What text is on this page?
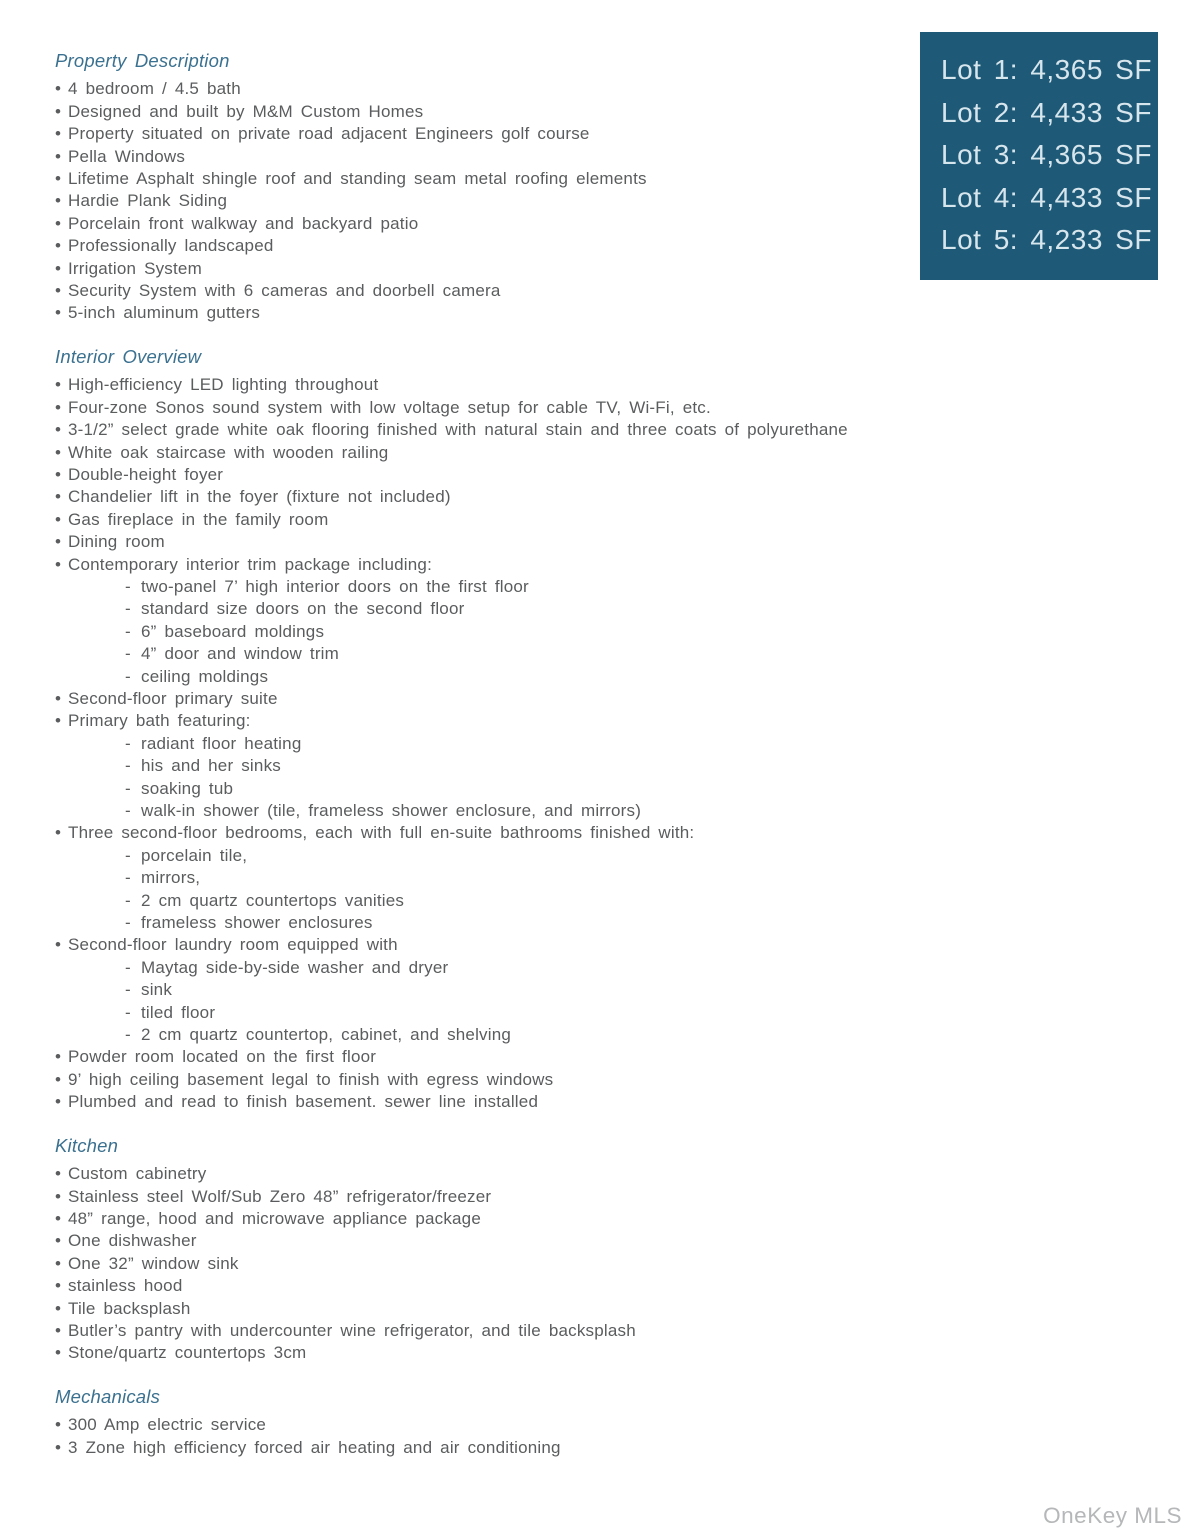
Property Description
• 4 bedroom / 4.5 bath
• Designed and built by M&M Custom Homes
• Property situated on private road adjacent Engineers golf course
• Pella Windows
• Lifetime Asphalt shingle roof and standing seam metal roofing elements
• Hardie Plank Siding
• Porcelain front walkway and backyard patio
• Professionally landscaped
• Irrigation System
• Security System with 6 cameras and doorbell camera
• 5-inch aluminum gutters
Interior Overview
• High-efficiency LED lighting throughout
• Four-zone Sonos sound system with low voltage setup for cable TV, Wi-Fi, etc.
• 3-1/2” select grade white oak flooring finished with natural stain and three coats of polyurethane
• White oak staircase with wooden railing
• Double-height foyer
• Chandelier lift in the foyer (fixture not included)
• Gas fireplace in the family room
• Dining room
• Contemporary interior trim package including:
- two-panel 7’ high interior doors on the first floor
- standard size doors on the second floor
- 6” baseboard moldings
- 4” door and window trim
- ceiling moldings
• Second-floor primary suite
• Primary bath featuring:
- radiant floor heating
- his and her sinks
- soaking tub
- walk-in shower (tile, frameless shower enclosure, and mirrors)
• Three second-floor bedrooms, each with full en-suite bathrooms finished with:
- porcelain tile,
- mirrors,
- 2 cm quartz countertops vanities
- frameless shower enclosures
• Second-floor laundry room equipped with
- Maytag side-by-side washer and dryer
- sink
- tiled floor
- 2 cm quartz countertop, cabinet, and shelving
• Powder room located on the first floor
• 9’ high ceiling basement legal to finish with egress windows
• Plumbed and read to finish basement. sewer line installed
Kitchen
• Custom cabinetry
• Stainless steel Wolf/Sub Zero 48” refrigerator/freezer
• 48” range, hood and microwave appliance package
• One dishwasher
• One 32” window sink
• stainless hood
• Tile backsplash
• Butler’s pantry with undercounter wine refrigerator, and tile backsplash
• Stone/quartz countertops 3cm
Mechanicals
• 300 Amp electric service
• 3 Zone high efficiency forced air heating and air conditioning
Lot 1: 4,365 SF
Lot 2: 4,433 SF
Lot 3: 4,365 SF
Lot 4: 4,433 SF
Lot 5: 4,233 SF
OneKey MLS
